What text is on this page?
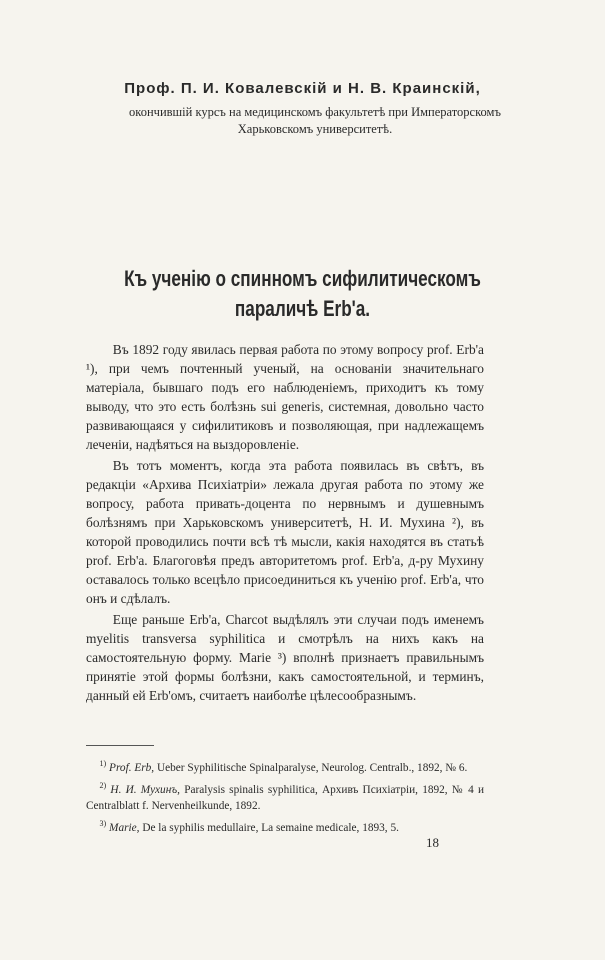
Проф. П. И. Ковалевскій и Н. В. Краинскій,
окончившій курсъ на медицинскомъ факультетѣ при Императорскомъ Харьковскомъ университетѣ.
Къ ученію о спинномъ сифилитическомъ
параличѣ Erb'а.

Въ 1892 году явилась первая работа по этому вопросу prof. Erb'a ¹), при чемъ почтенный ученый, на основаніи значительнаго матеріала, бывшаго подъ его наблюденіемъ, приходитъ къ тому выводу, что это есть болѣзнь sui generis, системная, довольно часто развивающаяся у сифилитиковъ и позволяющая, при надлежащемъ леченіи, надѣяться на выздоровленіе.

Въ тотъ моментъ, когда эта работа появилась въ свѣтъ, въ редакціи «Архива Психіатріи» лежала другая работа по этому же вопросу, работа привать-доцента по нервнымъ и душевнымъ болѣзнямъ при Харьковскомъ университетѣ, Н. И. Мухина ²), въ которой проводились почти всѣ тѣ мысли, какія находятся въ статьѣ prof. Erb'a. Благоговѣя предъ авторитетомъ prof. Erb'a, д-ру Мухину оставалось только всецѣло присоединиться къ ученію prof. Erb'a, что онъ и сдѣлалъ.

Еще раньше Erb'a, Charcot выдѣлялъ эти случаи подъ именемъ myelitis transversa syphilitica и смотрѣлъ на нихъ какъ на самостоятельную форму. Marie ³) вполнѣ признаетъ правильнымъ принятіе этой формы болѣзни, какъ самостоятельной, и терминъ, данный ей Erb'омъ, считаетъ наиболѣе цѣлесообразнымъ.

$^{1)}$ Prof. Erb, Ueber Syphilitische Spinalparalyse, Neurolog. Centralb., 1892, № 6.

$^{2)}$ Н. И. Мухинъ, Paralysis spinalis syphilitica, Архивъ Психіатріи, 1892, № 4 и Centralblatt f. Nervenheilkunde, 1892.

$^{3)}$ Marie, De la syphilis medullaire, La semaine medicale, 1893, 5.

18
